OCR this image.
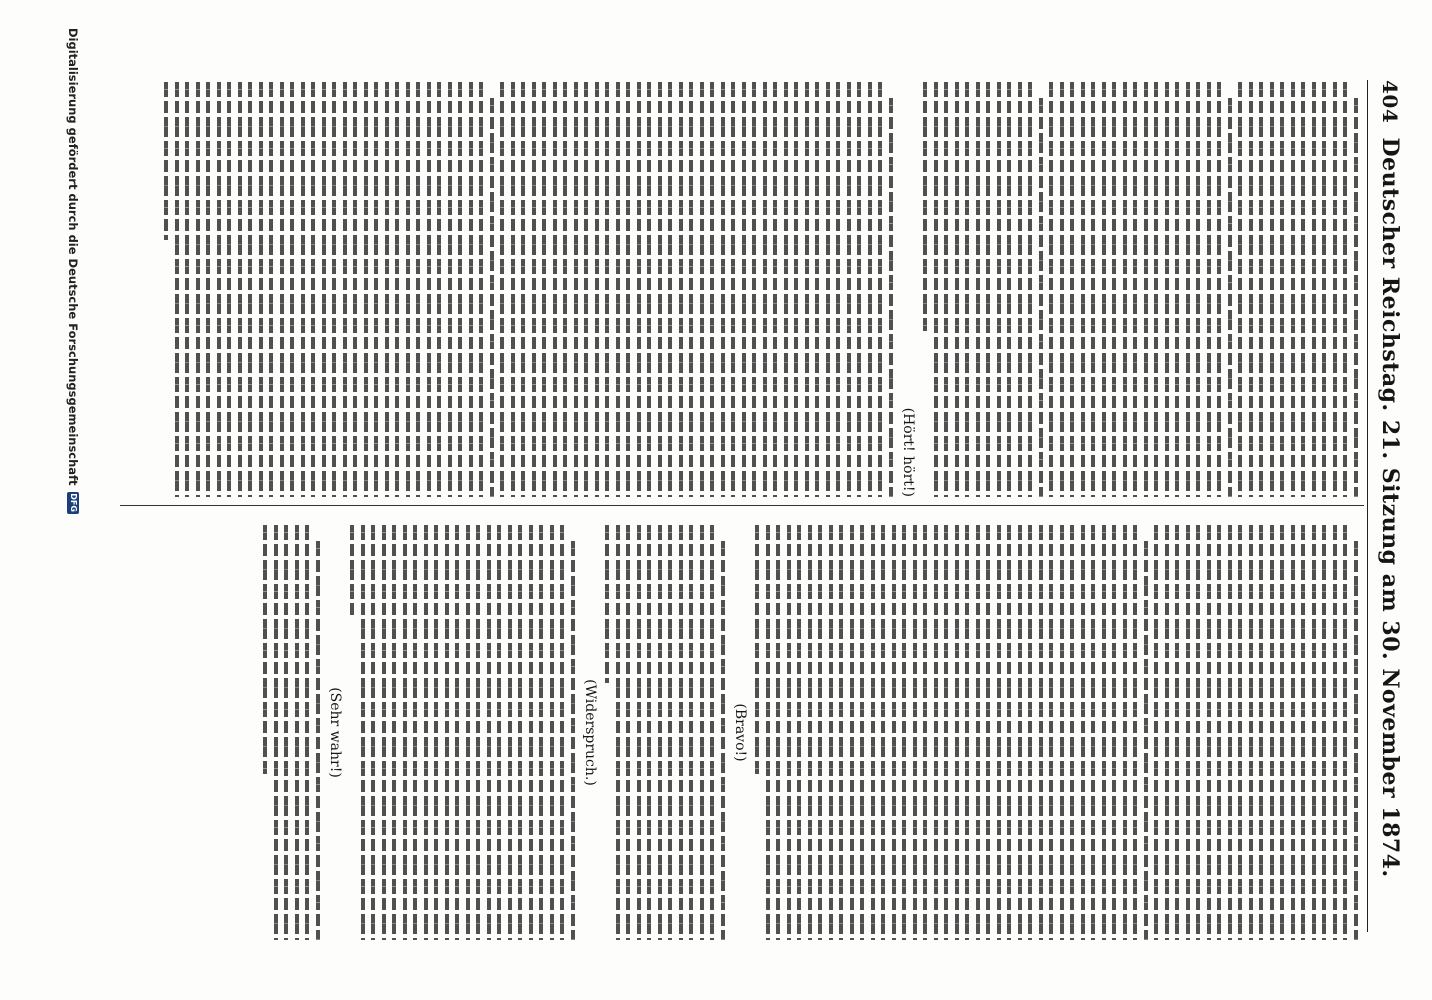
404
Deutscher Reichstag. 21. Sitzung am 30. November 1874.
(Hört! hört!)
(Bravo!)
(Widerspruch.)
(Sehr wahr!)
Digitalisierung gefördert durch die Deutsche Forschungsgemeinschaft
DFG
